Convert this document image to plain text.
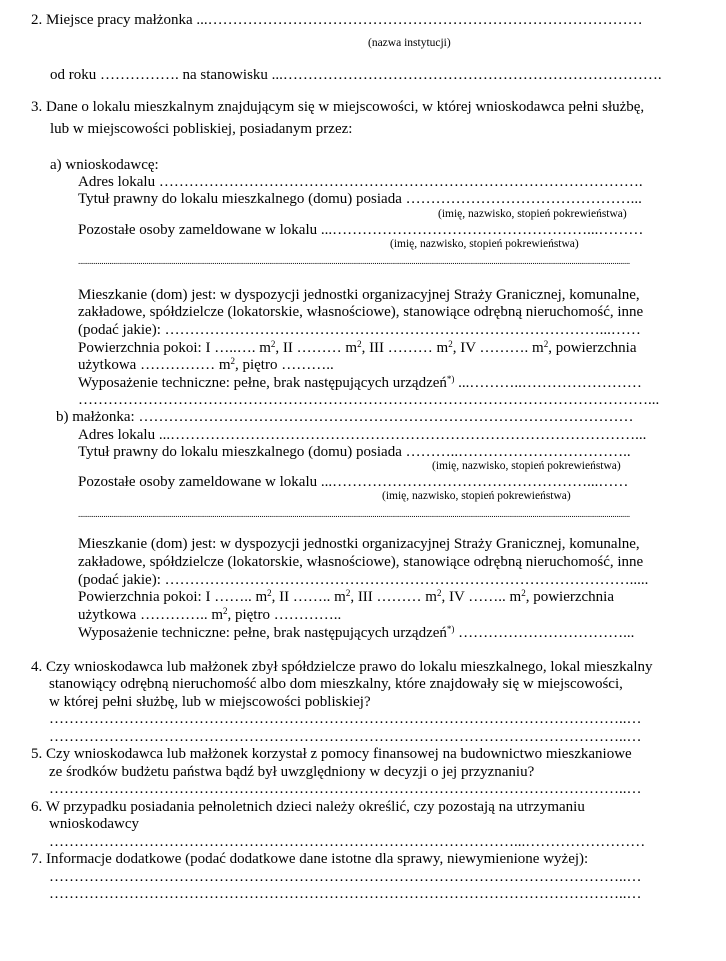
2. Miejsce pracy małżonka ...……………………………………………………………………………
(nazwa instytucji)
od roku ……………. na stanowisku ...………………………………………………………………….
3. Dane o lokalu mieszkalnym znajdującym się w miejscowości, w której wnioskodawca pełni służbę,
lub w miejscowości pobliskiej, posiadanym przez:
a) wnioskodawcę:
Adres lokalu …………………………………………………………………………………….
Tytuł prawny do lokalu mieszkalnego (domu) posiada ………………………………………...
(imię, nazwisko, stopień pokrewieństwa)
Pozostałe osoby zameldowane w lokalu ...……………………………………………...………
(imię, nazwisko, stopień pokrewieństwa)
...........................................................................................................................................................................................................................................................................................
Mieszkanie (dom) jest: w dyspozycji jednostki organizacyjnej Straży Granicznej, komunalne,
zakładowe, spółdzielcze (lokatorskie, własnościowe), stanowiące odrębną nieruchomość, inne
(podać jakie): ……………………………………………………………………………...……
Powierzchnia pokoi: I …..…. $m^2$, II ……… $m^2$, III ……… $m^2$, IV ………. $m^2$, powierzchnia
użytkowa …………… $m^2$, piętro ………..
Wyposażenie techniczne: pełne, brak następujących urządzeń*) ...………..……………………
……………………………………………………………………………………………………...
b) małżonka: ………………………………………………………………………………………
Adres lokalu ...…………………………………………………………………………………...
Tytuł prawny do lokalu mieszkalnego (domu) posiada ………..……………………………..
(imię, nazwisko, stopień pokrewieństwa)
Pozostałe osoby zameldowane w lokalu ...……………………………………………...……
(imię, nazwisko, stopień pokrewieństwa)
...........................................................................................................................................................................................................................................................................................
Mieszkanie (dom) jest: w dyspozycji jednostki organizacyjnej Straży Granicznej, komunalne,
zakładowe, spółdzielcze (lokatorskie, własnościowe), stanowiące odrębną nieruchomość, inne
(podać jakie): ………………………………………………………………………………….....
Powierzchnia pokoi: I …….. $m^2$, II …….. $m^2$, III ……… $m^2$, IV …….. $m^2$, powierzchnia
użytkowa ………….. $m^2$, piętro …………..
Wyposażenie techniczne: pełne, brak następujących urządzeń*) ……………………………...
4. Czy wnioskodawca lub małżonek zbył spółdzielcze prawo do lokalu mieszkalnego, lokal mieszkalny
stanowiący odrębną nieruchomość albo dom mieszkalny, które znajdowały się w miejscowości,
w której pełni służbę, lub w miejscowości pobliskiej?
……………………………………………………………………………………………………..…
……………………………………………………………………………………………………..…
5. Czy wnioskodawca lub małżonek korzystał z pomocy finansowej na budownictwo mieszkaniowe
ze środków budżetu państwa bądź był uwzględniony w decyzji o jej przyznaniu?
……………………………………………………………………………………………………..…
6. W przypadku posiadania pełnoletnich dzieci należy określić, czy pozostają na utrzymaniu
wnioskodawcy
…………………………………………………………………………………...……………………
7. Informacje dodatkowe (podać dodatkowe dane istotne dla sprawy, niewymienione wyżej):
……………………………………………………………………………………………………..…
……………………………………………………………………………………………………..…
